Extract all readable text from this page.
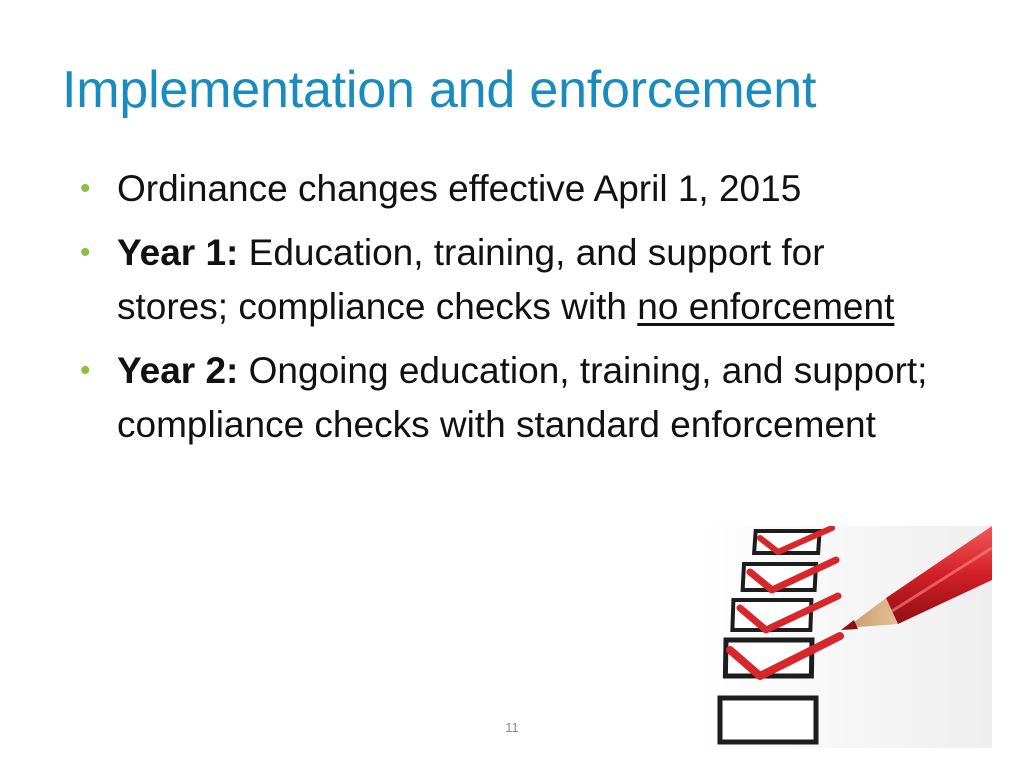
Implementation and enforcement
• Ordinance changes effective April 1, 2015
• Year 1: Education, training, and support for stores; compliance checks with no enforcement
• Year 2: Ongoing education, training, and support; compliance checks with standard enforcement
11
